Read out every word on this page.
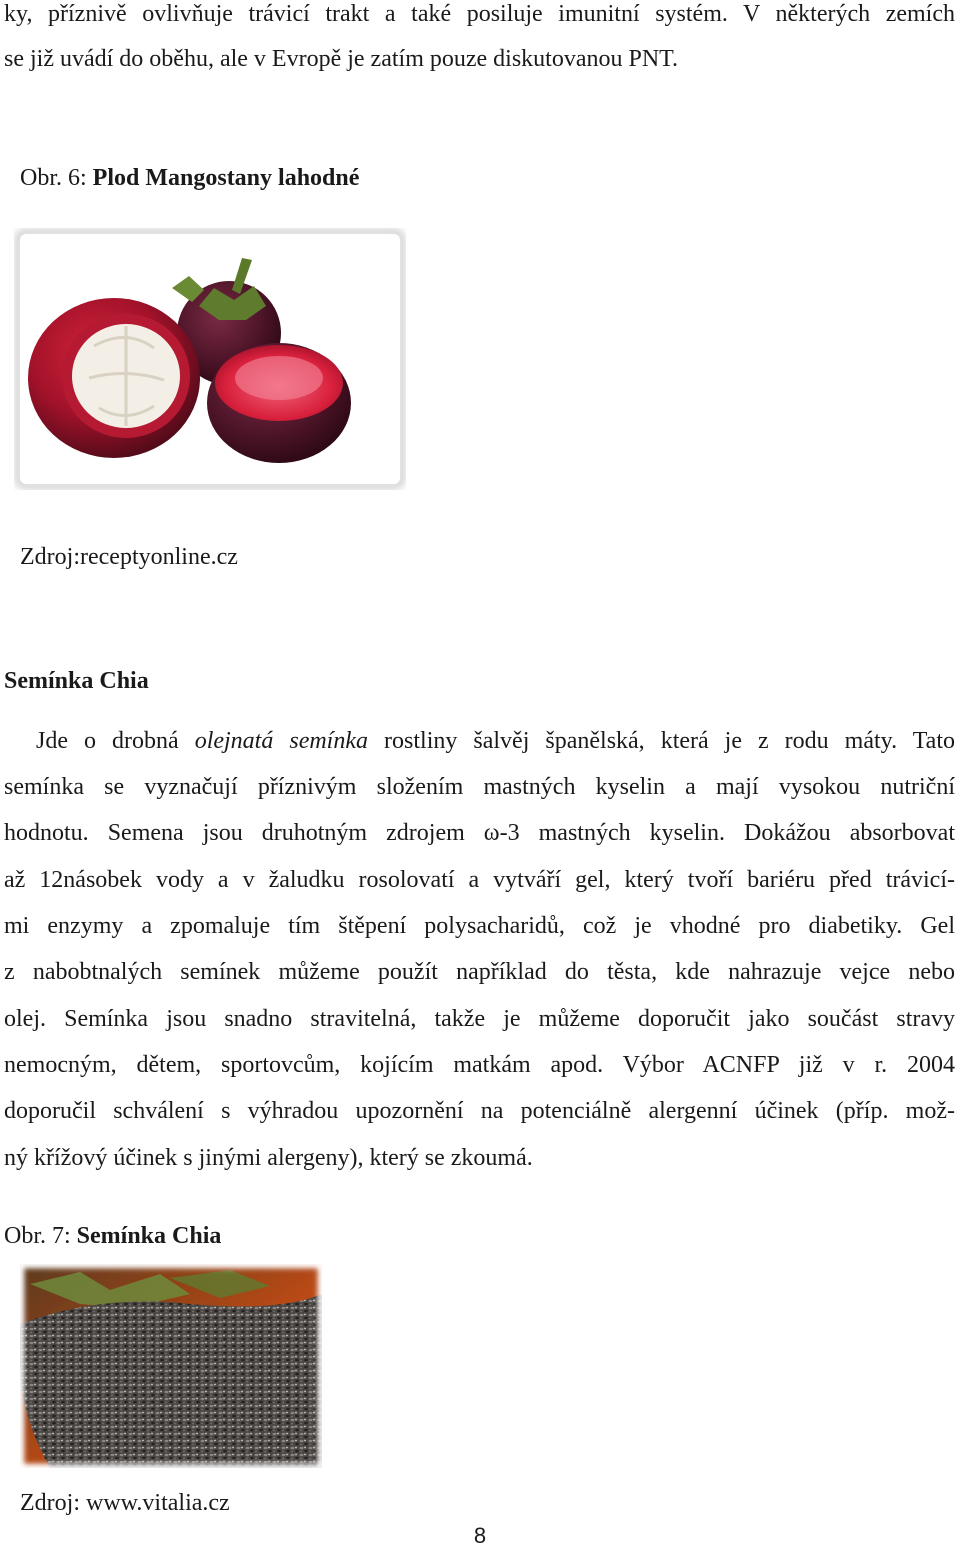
ky, příznivě ovlivňuje trávicí trakt a také posiluje imunitní systém. V některých zemích
se již uvádí do oběhu, ale v Evropě je zatím pouze diskutovanou PNT.
Obr. 6: Plod Mangostany lahodné
Zdroj:receptyonline.cz
Semínka Chia
Jde o drobná olejnatá semínka rostliny šalvěj španělská, která je z rodu máty. Tato
semínka se vyznačují příznivým složením mastných kyselin a mají vysokou nutriční
hodnotu. Semena jsou druhotným zdrojem ω-3 mastných kyselin. Dokážou absorbovat
až 12násobek vody a v žaludku rosolovatí a vytváří gel, který tvoří bariéru před trávicí-
mi enzymy a zpomaluje tím štěpení polysacharidů, což je vhodné pro diabetiky. Gel
z nabobtnalých semínek můžeme použít například do těsta, kde nahrazuje vejce nebo
olej. Semínka jsou snadno stravitelná, takže je můžeme doporučit jako součást stravy
nemocným, dětem, sportovcům, kojícím matkám apod. Výbor ACNFP již v r. 2004
doporučil schválení s výhradou upozornění na potenciálně alergenní účinek (příp. mož-
ný křížový účinek s jinými alergeny), který se zkoumá.
Obr. 7: Semínka Chia
Zdroj: www.vitalia.cz
8
